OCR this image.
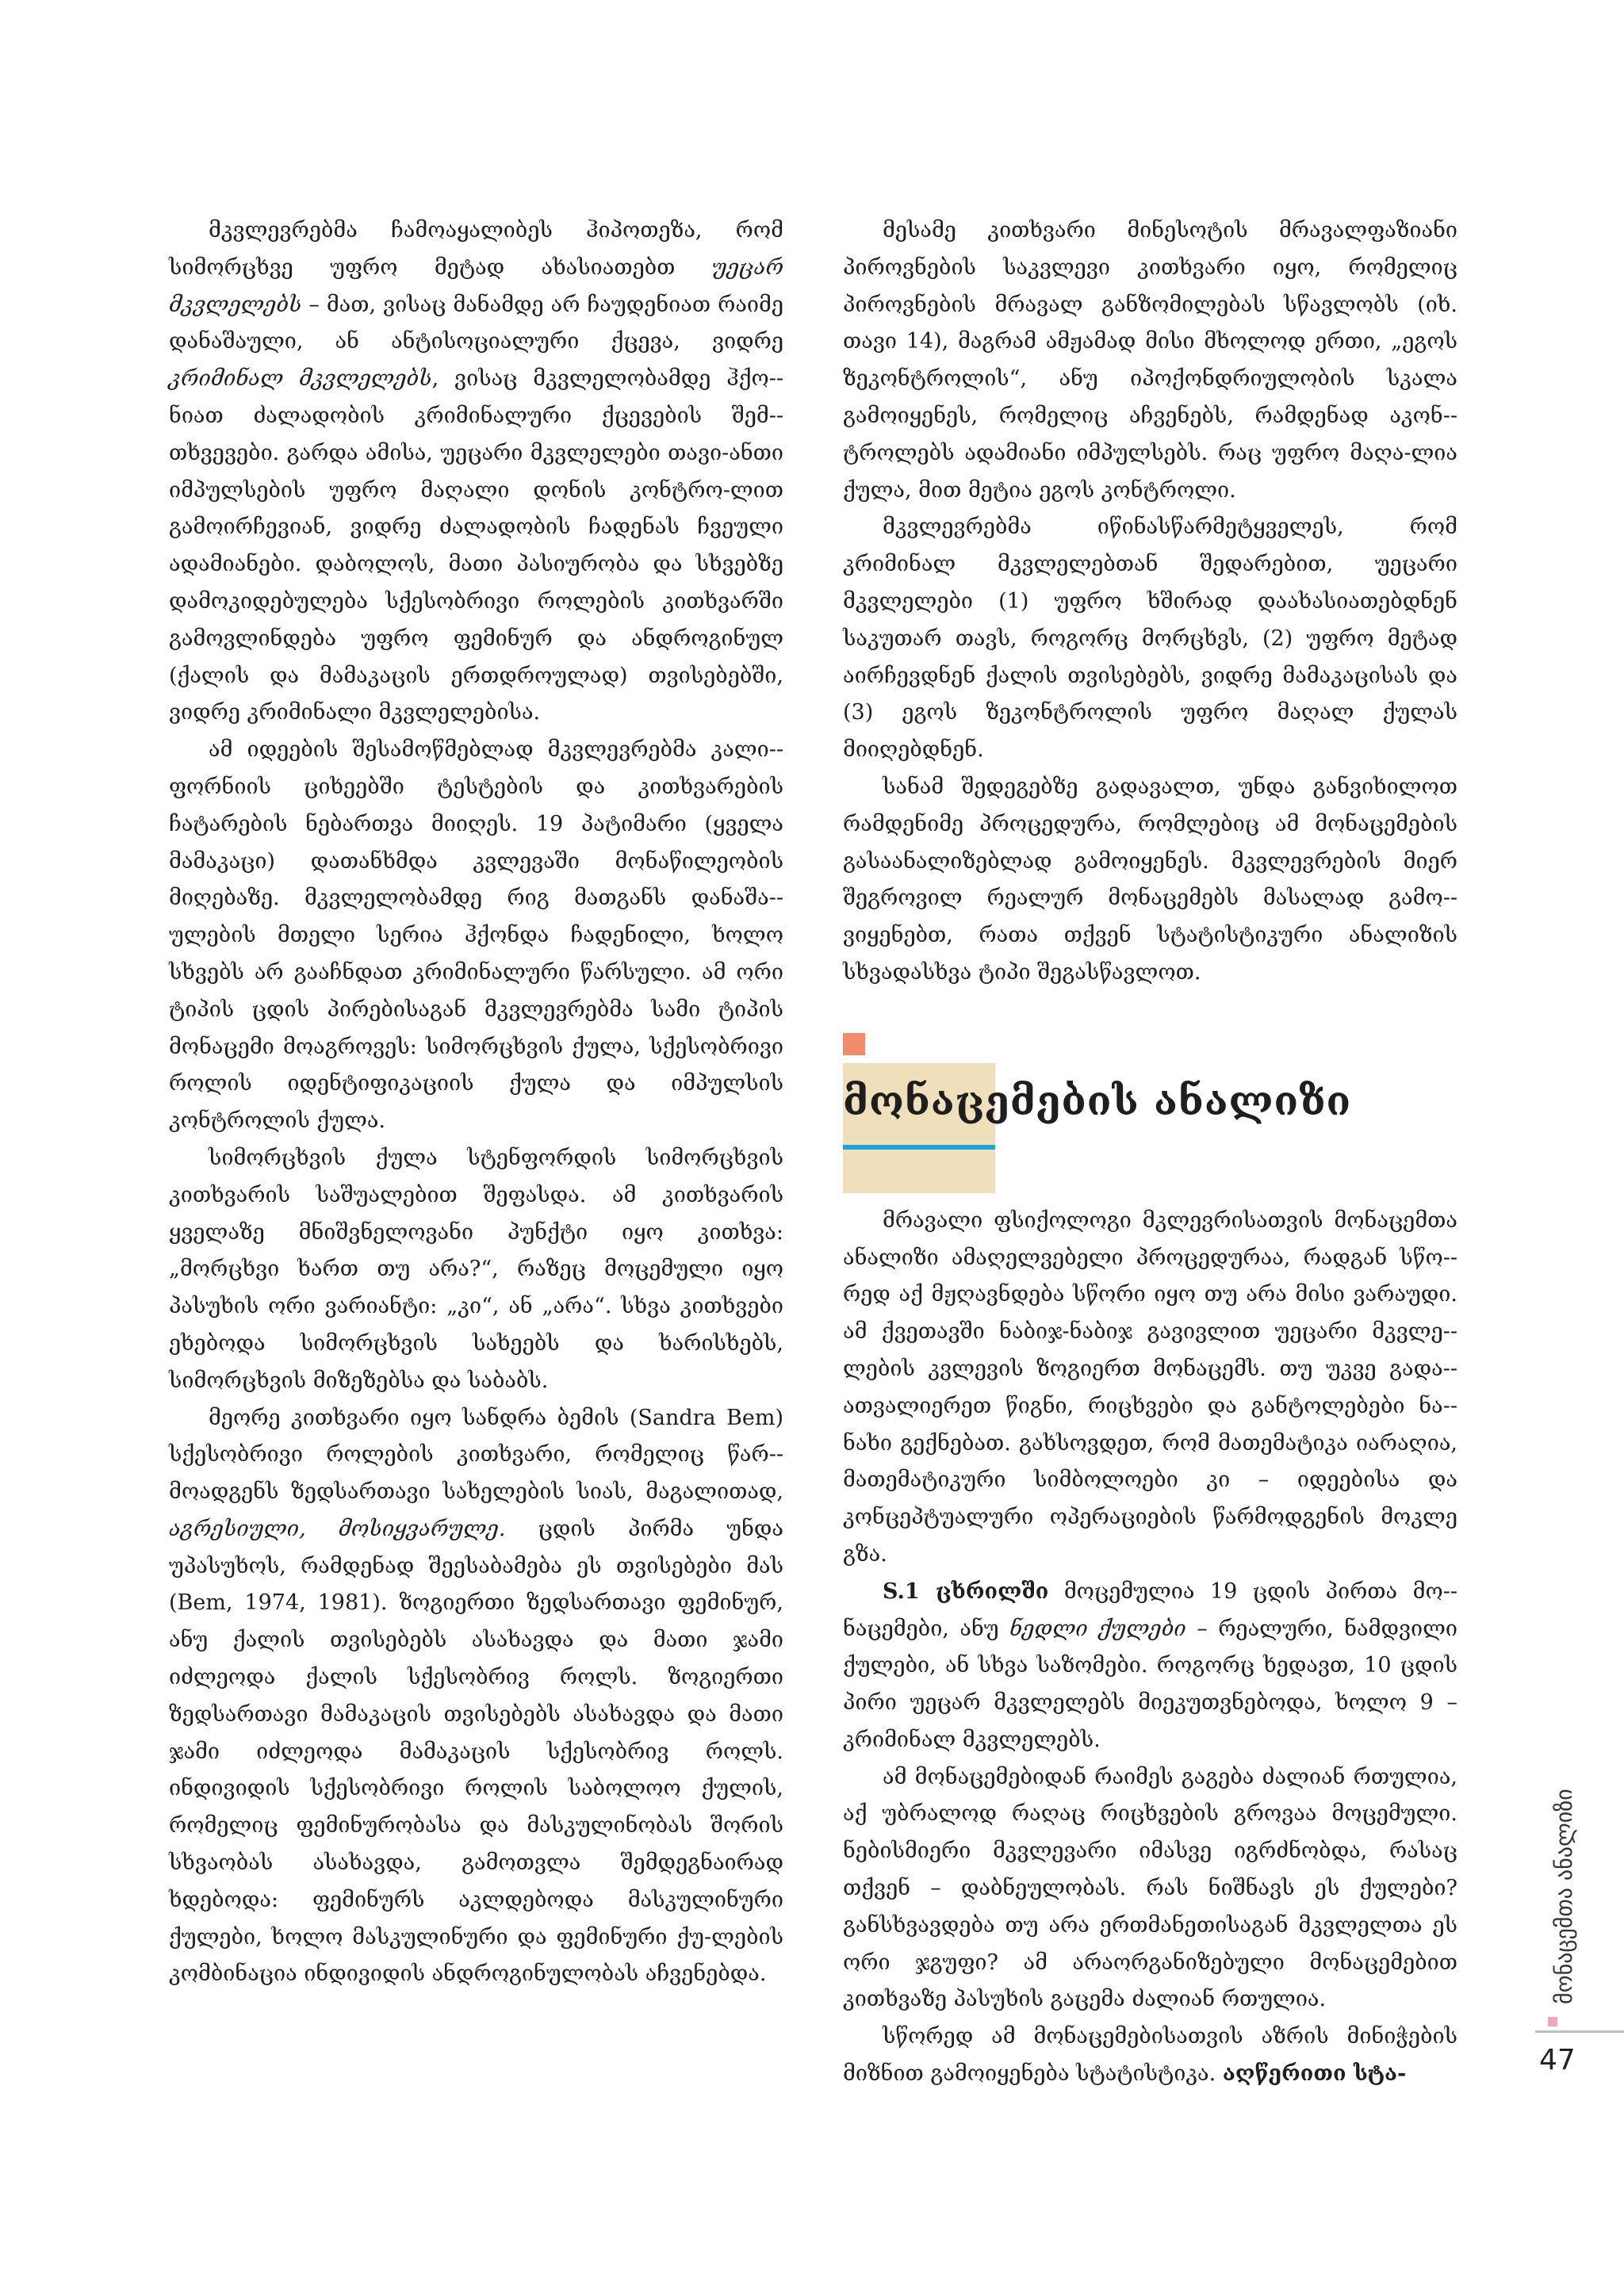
მკვლევრებმა ჩამოაყალიბეს ჰიპოთეზა, რომ სიმორცხვე უფრო მეტად ახასიათებთ უეცარ მკვლელებს – მათ, ვისაც მანამდე არ ჩაუდენიათ რაიმე დანაშაული, ან ანტისოციალური ქცევა, ვიდრე კრიმინალ მკვლელებს, ვისაც მკვლელობამდე ჰქო-ნიათ ძალადობის კრიმინალური ქცევების შემ-თხვევები. გარდა ამისა, უეცარი მკვლელები თავი-ანთი იმპულსების უფრო მაღალი დონის კონტრო-ლით გამოირჩევიან, ვიდრე ძალადობის ჩადენას ჩვეული ადამიანები. დაბოლოს, მათი პასიურობა და სხვებზე დამოკიდებულება სქესობრივი როლების კითხვარში გამოვლინდება უფრო ფემინურ და ანდროგინულ (ქალის და მამაკაცის ერთდროულად) თვისებებში, ვიდრე კრიმინალი მკვლელებისა.

ამ იდეების შესამოწმებლად მკვლევრებმა კალი-ფორნიის ციხეებში ტესტების და კითხვარების ჩატარების ნებართვა მიიღეს. 19 პატიმარი (ყველა მამაკაცი) დათანხმდა კვლევაში მონაწილეობის მიღებაზე. მკვლელობამდე რიგ მათგანს დანაშა-ულების მთელი სერია ჰქონდა ჩადენილი, ხოლო სხვებს არ გააჩნდათ კრიმინალური წარსული. ამ ორი ტიპის ცდის პირებისაგან მკვლევრებმა სამი ტიპის მონაცემი მოაგროვეს: სიმორცხვის ქულა, სქესობრივი როლის იდენტიფიკაციის ქულა და იმპულსის კონტროლის ქულა.

სიმორცხვის ქულა სტენფორდის სიმორცხვის კითხვარის საშუალებით შეფასდა. ამ კითხვარის ყველაზე მნიშვნელოვანი პუნქტი იყო კითხვა: „მორცხვი ხართ თუ არა?“, რაზეც მოცემული იყო პასუხის ორი ვარიანტი: „კი“, ან „არა“. სხვა კითხვები ეხებოდა სიმორცხვის სახეებს და ხარისხებს, სიმორცხვის მიზეზებსა და საბაბს.

მეორე კითხვარი იყო სანდრა ბემის (Sandra Bem) სქესობრივი როლების კითხვარი, რომელიც წარ-მოადგენს ზედსართავი სახელების სიას, მაგალითად, აგრესიული, მოსიყვარულე. ცდის პირმა უნდა უპასუხოს, რამდენად შეესაბამება ეს თვისებები მას (Bem, 1974, 1981). ზოგიერთი ზედსართავი ფემინურ, ანუ ქალის თვისებებს ასახავდა და მათი ჯამი იძლეოდა ქალის სქესობრივ როლს. ზოგიერთი ზედსართავი მამაკაცის თვისებებს ასახავდა და მათი ჯამი იძლეოდა მამაკაცის სქესობრივ როლს. ინდივიდის სქესობრივი როლის საბოლოო ქულის, რომელიც ფემინურობასა და მასკულინობას შორის სხვაობას ასახავდა, გამოთვლა შემდეგნაირად ხდებოდა: ფემინურს აკლდებოდა მასკულინური ქულები, ხოლო მასკულინური და ფემინური ქუ-ლების კომბინაცია ინდივიდის ანდროგინულობას აჩვენებდა.

მესამე კითხვარი მინესოტის მრავალფაზიანი პიროვნების საკვლევი კითხვარი იყო, რომელიც პიროვნების მრავალ განზომილებას სწავლობს (იხ. თავი 14), მაგრამ ამჟამად მისი მხოლოდ ერთი, „ეგოს ზეკონტროლის“, ანუ იპოქონდრიულობის სკალა გამოიყენეს, რომელიც აჩვენებს, რამდენად აკონ-ტროლებს ადამიანი იმპულსებს. რაც უფრო მაღა-ლია ქულა, მით მეტია ეგოს კონტროლი.

მკვლევრებმა იწინასწარმეტყველეს, რომ კრიმინალ მკვლელებთან შედარებით, უეცარი მკვლელები (1) უფრო ხშირად დაახასიათებდნენ საკუთარ თავს, როგორც მორცხვს, (2) უფრო მეტად აირჩევდნენ ქალის თვისებებს, ვიდრე მამაკაცისას და (3) ეგოს ზეკონტროლის უფრო მაღალ ქულას მიიღებდნენ.

სანამ შედეგებზე გადავალთ, უნდა განვიხილოთ რამდენიმე პროცედურა, რომლებიც ამ მონაცემების გასაანალიზებლად გამოიყენეს. მკვლევრების მიერ შეგროვილ რეალურ მონაცემებს მასალად გამო-ვიყენებთ, რათა თქვენ სტატისტიკური ანალიზის სხვადასხვა ტიპი შეგასწავლოთ.

მონაცემების ანალიზი

მრავალი ფსიქოლოგი მკლევრისათვის მონაცემთა ანალიზი ამაღელვებელი პროცედურაა, რადგან სწო-რედ აქ მჟღავნდება სწორი იყო თუ არა მისი ვარაუდი. ამ ქვეთავში ნაბიჯ-ნაბიჯ გავივლით უეცარი მკვლე-ლების კვლევის ზოგიერთ მონაცემს. თუ უკვე გადა-ათვალიერეთ წიგნი, რიცხვები და განტოლებები ნა-ნახი გექნებათ. გახსოვდეთ, რომ მათემატიკა იარაღია, მათემატიკური სიმბოლოები კი – იდეებისა და კონცეპტუალური ოპერაციების წარმოდგენის მოკლე გზა.

S.1 ცხრილში მოცემულია 19 ცდის პირთა მო-ნაცემები, ანუ ნედლი ქულები – რეალური, ნამდვილი ქულები, ან სხვა საზომები. როგორც ხედავთ, 10 ცდის პირი უეცარ მკვლელებს მიეკუთვნებოდა, ხოლო 9 – კრიმინალ მკვლელებს.

ამ მონაცემებიდან რაიმეს გაგება ძალიან რთულია, აქ უბრალოდ რაღაც რიცხვების გროვაა მოცემული. ნებისმიერი მკვლევარი იმასვე იგრძნობდა, რასაც თქვენ – დაბნეულობას. რას ნიშნავს ეს ქულები? განსხვავდება თუ არა ერთმანეთისაგან მკვლელთა ეს ორი ჯგუფი? ამ არაორგანიზებული მონაცემებით კითხვაზე პასუხის გაცემა ძალიან რთულია.

სწორედ ამ მონაცემებისათვის აზრის მინიჭების მიზნით გამოიყენება სტატისტიკა. აღწერითი სტა-

მონაცემთა ანალიზი
47
